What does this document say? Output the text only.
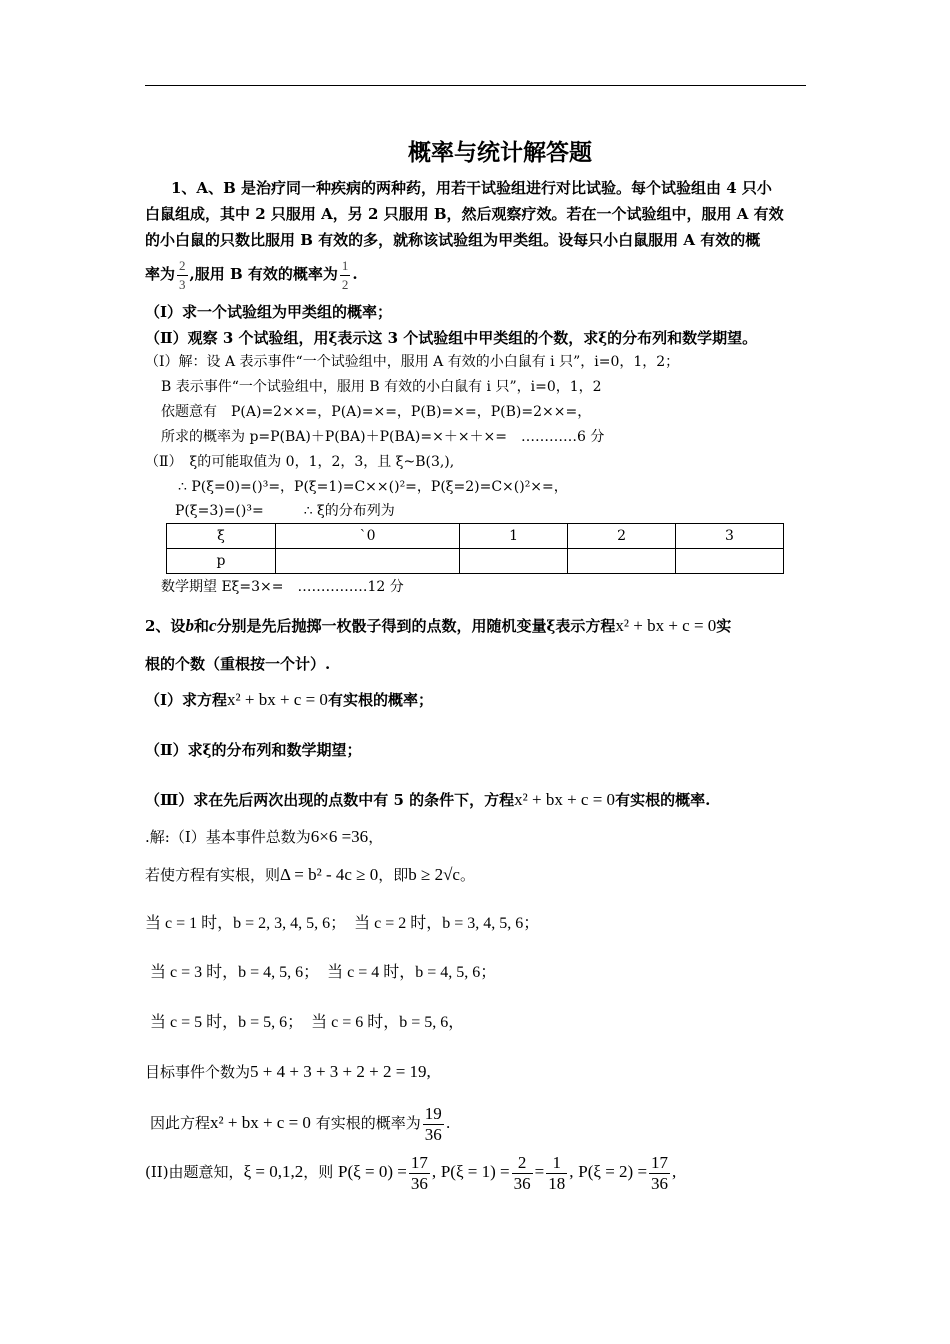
概率与统计解答题
1、A、B 是治疗同一种疾病的两种药，用若干试验组进行对比试验。每个试验组由 4 只小
白鼠组成，其中 2 只服用 A，另 2 只服用 B，然后观察疗效。若在一个试验组中，服用 A 有效
的小白鼠的只数比服用 B 有效的多，就称该试验组为甲类组。设每只小白鼠服用 A 有效的概
率为 $\frac{2}{3}$ ,服用 B 有效的概率为 $\frac{1}{2}$ .
（Ⅰ）求一个试验组为甲类组的概率；
（Ⅱ）观察 3 个试验组，用ξ表示这 3 个试验组中甲类组的个数，求ξ的分布列和数学期望。
（Ⅰ）解：设 A 表示事件“一个试验组中，服用 A 有效的小白鼠有 i 只”，i=0，1，2；
B 表示事件“一个试验组中，服用 B 有效的小白鼠有 i 只”，i=0，1，2
依题意有　P(A)=2××=，P(A)=×=，P(B)=×=，P(B)=2××=，
所求的概率为 p=P(BA)＋P(BA)＋P(BA)=×＋×＋×=　…………6 分
（Ⅱ）　ξ的可能取值为 0，1，2，3，且 ξ~B(3,),
∴ P(ξ=0)=()³=，P(ξ=1)=C××()²=，P(ξ=2)=C×()²×=，
P(ξ=3)=()³=	∴ ξ的分布列为
ξ	`0	1	2	3
p				
数学期望 Eξ=3×=　……………12 分
2、设b和c分别是先后抛掷一枚骰子得到的点数，用随机变量ξ表示方程x² + bx + c = 0实
根的个数（重根按一个计）.
（Ⅰ）求方程x² + bx + c = 0有实根的概率；
（Ⅱ）求ξ的分布列和数学期望；
（Ⅲ）求在先后两次出现的点数中有 5 的条件下，方程x² + bx + c = 0有实根的概率.
.解:（I）基本事件总数为6×6 =36，
若使方程有实根，则Δ = b² - 4c ≥ 0，即b ≥ 2√c。
当 c = 1 时，b = 2, 3, 4, 5, 6；　当 c = 2 时，b = 3, 4, 5, 6；
当 c = 3 时，b = 4, 5, 6；　当 c = 4 时，b = 4, 5, 6；
当 c = 5 时，b = 5, 6；　当 c = 6 时，b = 5, 6，
目标事件个数为5 + 4 + 3 + 3 + 2 + 2 = 19,
因此方程x² + bx + c = 0 有实根的概率为 $\frac{19}{36}$ .
(II)由题意知，ξ = 0,1,2，则 $P(\xi = 0) = \frac{17}{36}$ , $P(\xi = 1) = \frac{2}{36} = \frac{1}{18}$ , $P(\xi = 2) = \frac{17}{36}$ ,
